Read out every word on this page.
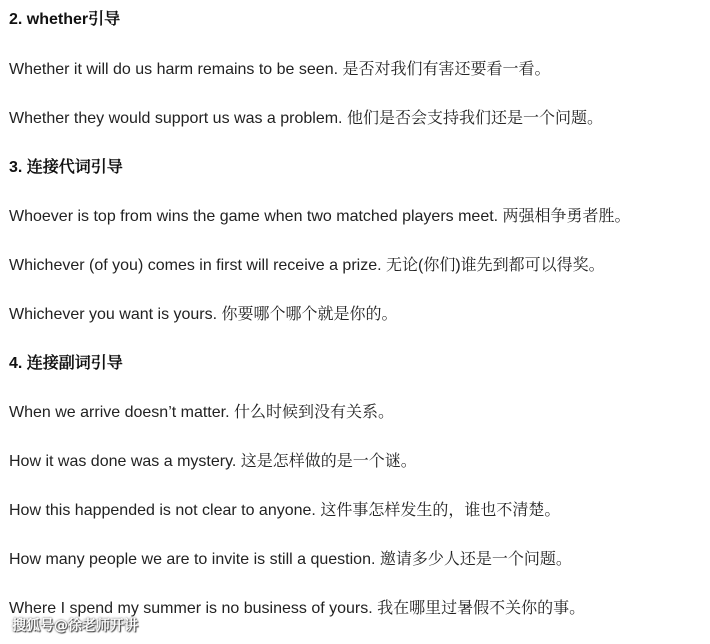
2. whether引导
Whether it will do us harm remains to be seen. 是否对我们有害还要看一看。
Whether they would support us was a problem. 他们是否会支持我们还是一个问题。
3. 连接代词引导
Whoever is top from wins the game when two matched players meet. 两强相争勇者胜。
Whichever (of you) comes in first will receive a prize. 无论(你们)谁先到都可以得奖。
Whichever you want is yours. 你要哪个哪个就是你的。
4. 连接副词引导
When we arrive doesn’t matter. 什么时候到没有关系。
How it was done was a mystery. 这是怎样做的是一个谜。
How this happended is not clear to anyone. 这件事怎样发生的，谁也不清楚。
How many people we are to invite is still a question. 邀请多少人还是一个问题。
Where I spend my summer is no business of yours. 我在哪里过暑假不关你的事。
搜狐号@徐老师开讲
